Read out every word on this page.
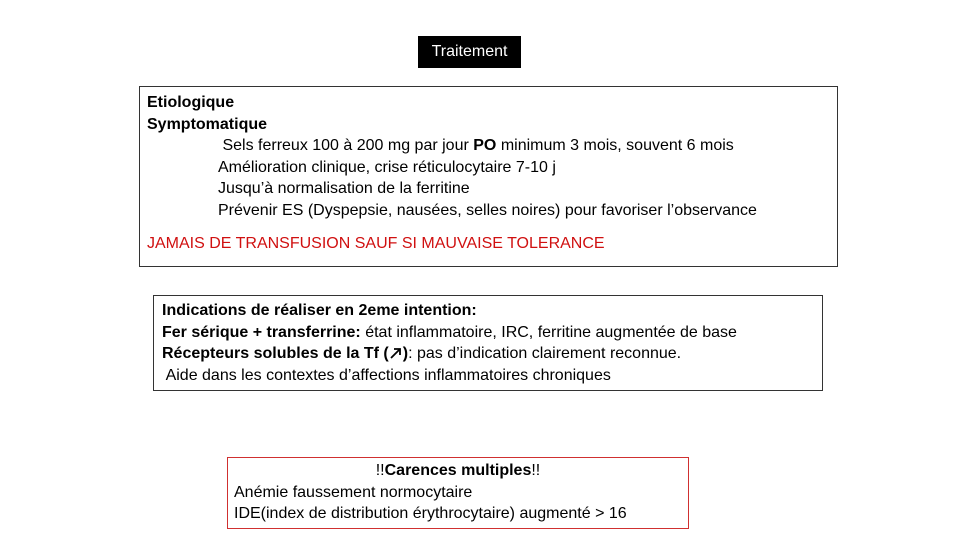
Traitement
Etiologique
Symptomatique
Sels ferreux 100 à 200 mg par jour PO minimum 3 mois, souvent 6 mois
Amélioration clinique, crise réticulocytaire 7-10 j
Jusqu’à normalisation de la ferritine
Prévenir ES (Dyspepsie, nausées, selles noires) pour favoriser l’observance
JAMAIS DE TRANSFUSION SAUF SI MAUVAISE TOLERANCE
Indications de réaliser en 2eme intention:
Fer sérique + transferrine: état inflammatoire, IRC, ferritine augmentée de base
Récepteurs solubles de la Tf ( ): pas d’indication clairement reconnue.
Aide dans les contextes d’affections inflammatoires chroniques
!!Carences multiples!!
Anémie faussement normocytaire
IDE(index de distribution érythrocytaire) augmenté > 16
